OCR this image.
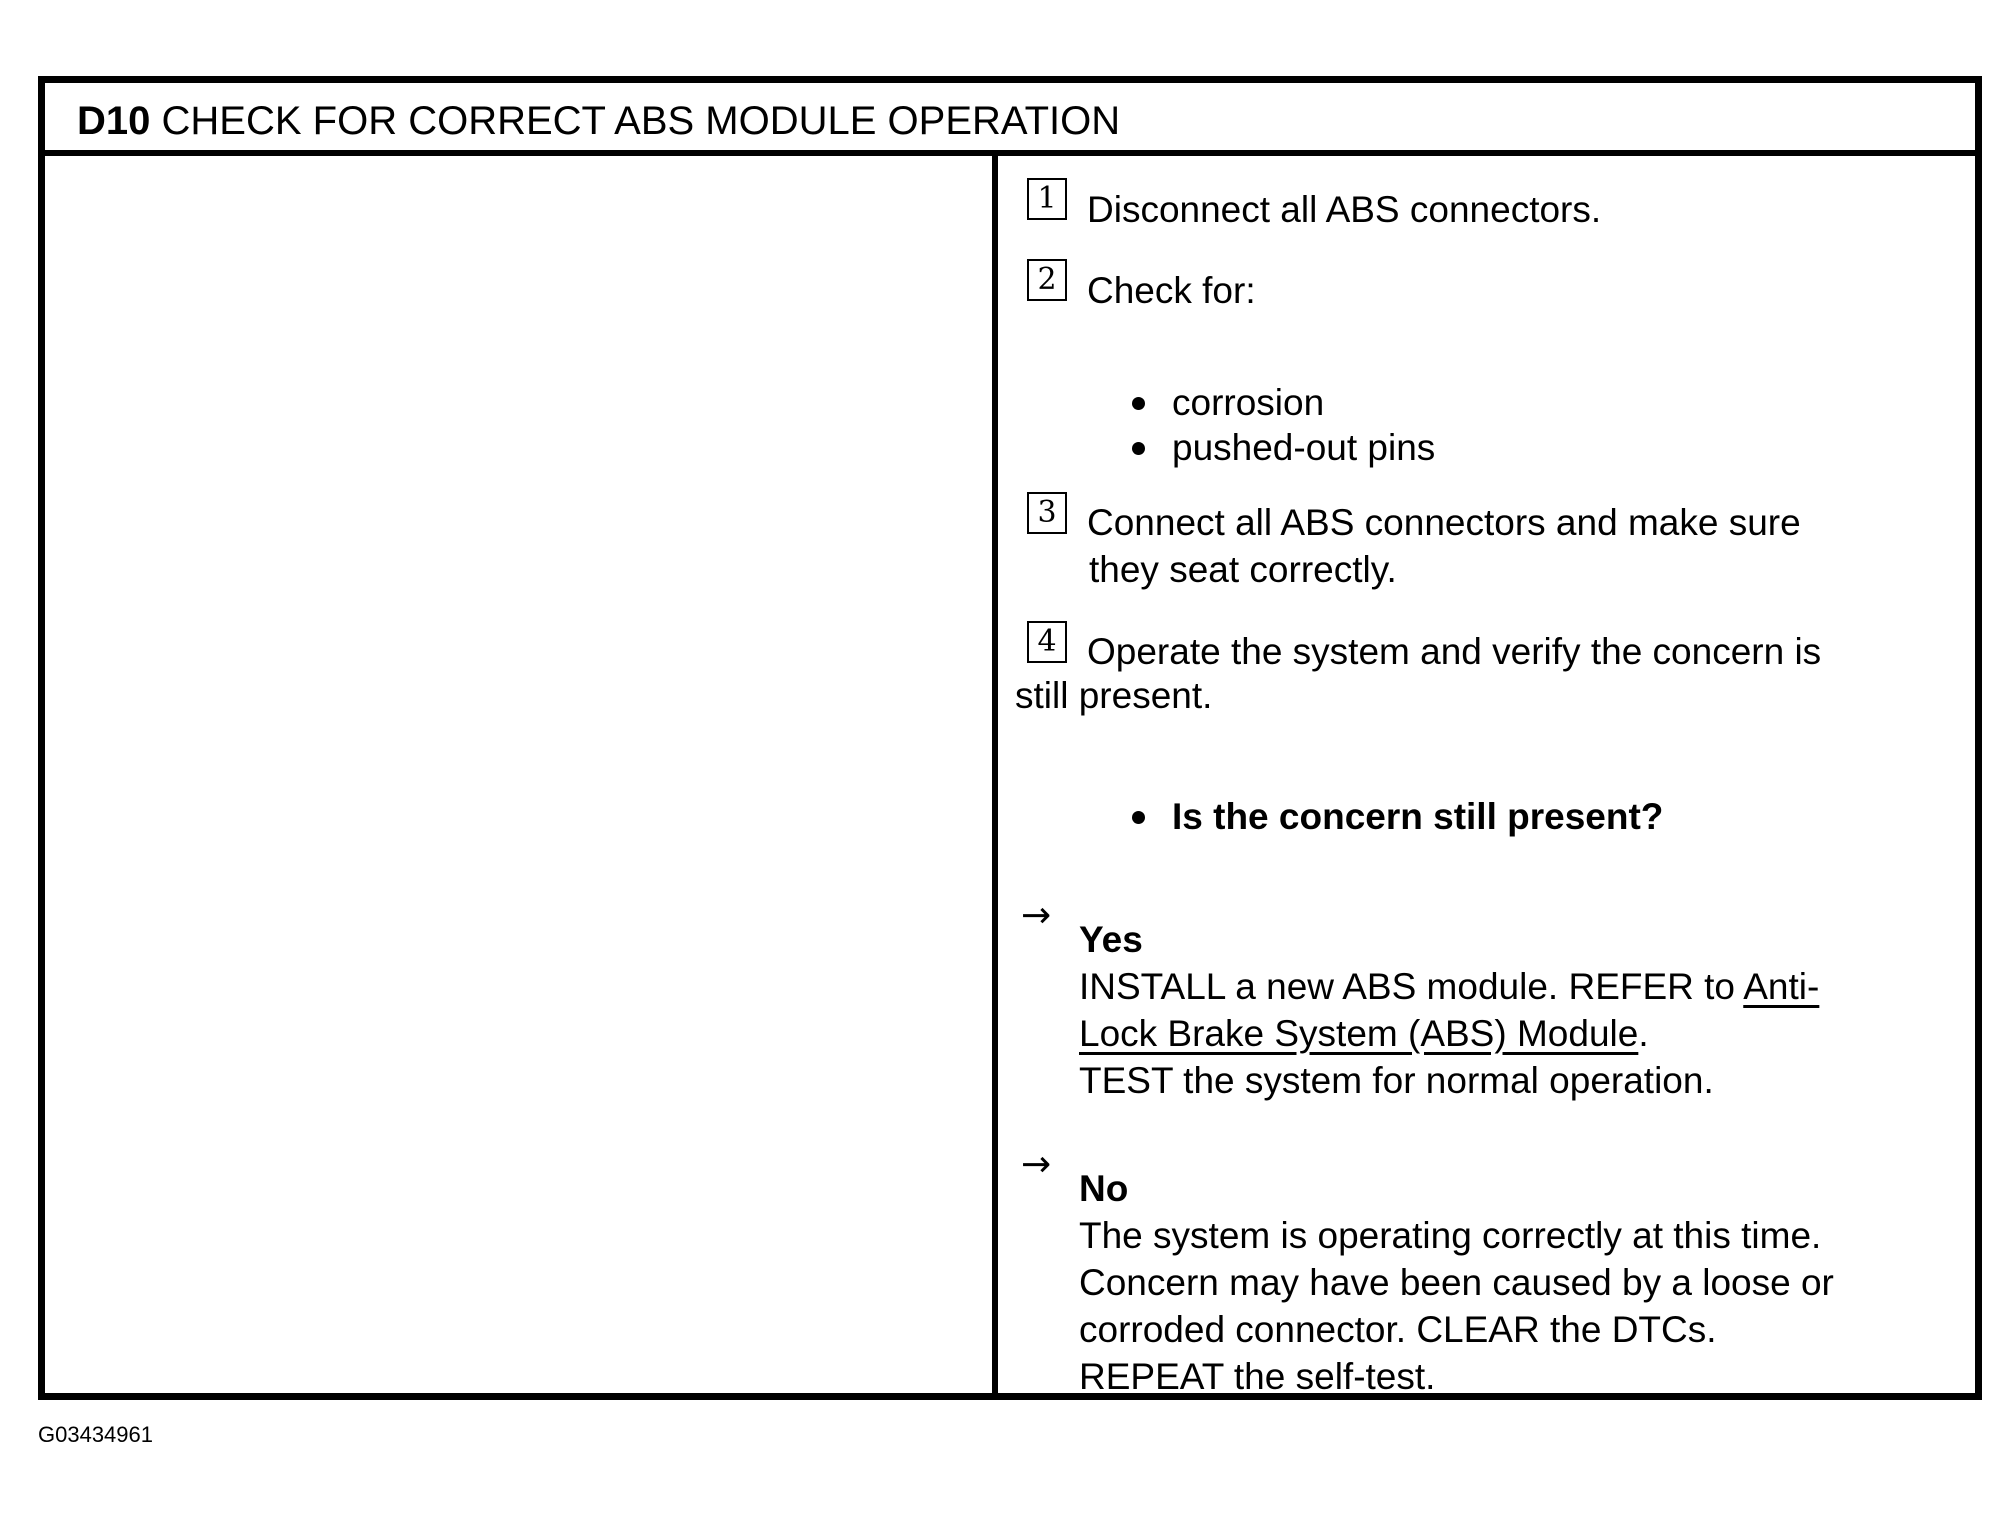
D10 CHECK FOR CORRECT ABS MODULE OPERATION
1 Disconnect all ABS connectors.
2 Check for:
corrosion
pushed-out pins
3 Connect all ABS connectors and make sure
they seat correctly.
4 Operate the system and verify the concern is
still present.
Is the concern still present?
→
Yes
INSTALL a new ABS module. REFER to Anti-
Lock Brake System (ABS) Module.
TEST the system for normal operation.
→
No
The system is operating correctly at this time.
Concern may have been caused by a loose or
corroded connector. CLEAR the DTCs.
REPEAT the self-test.
G03434961
